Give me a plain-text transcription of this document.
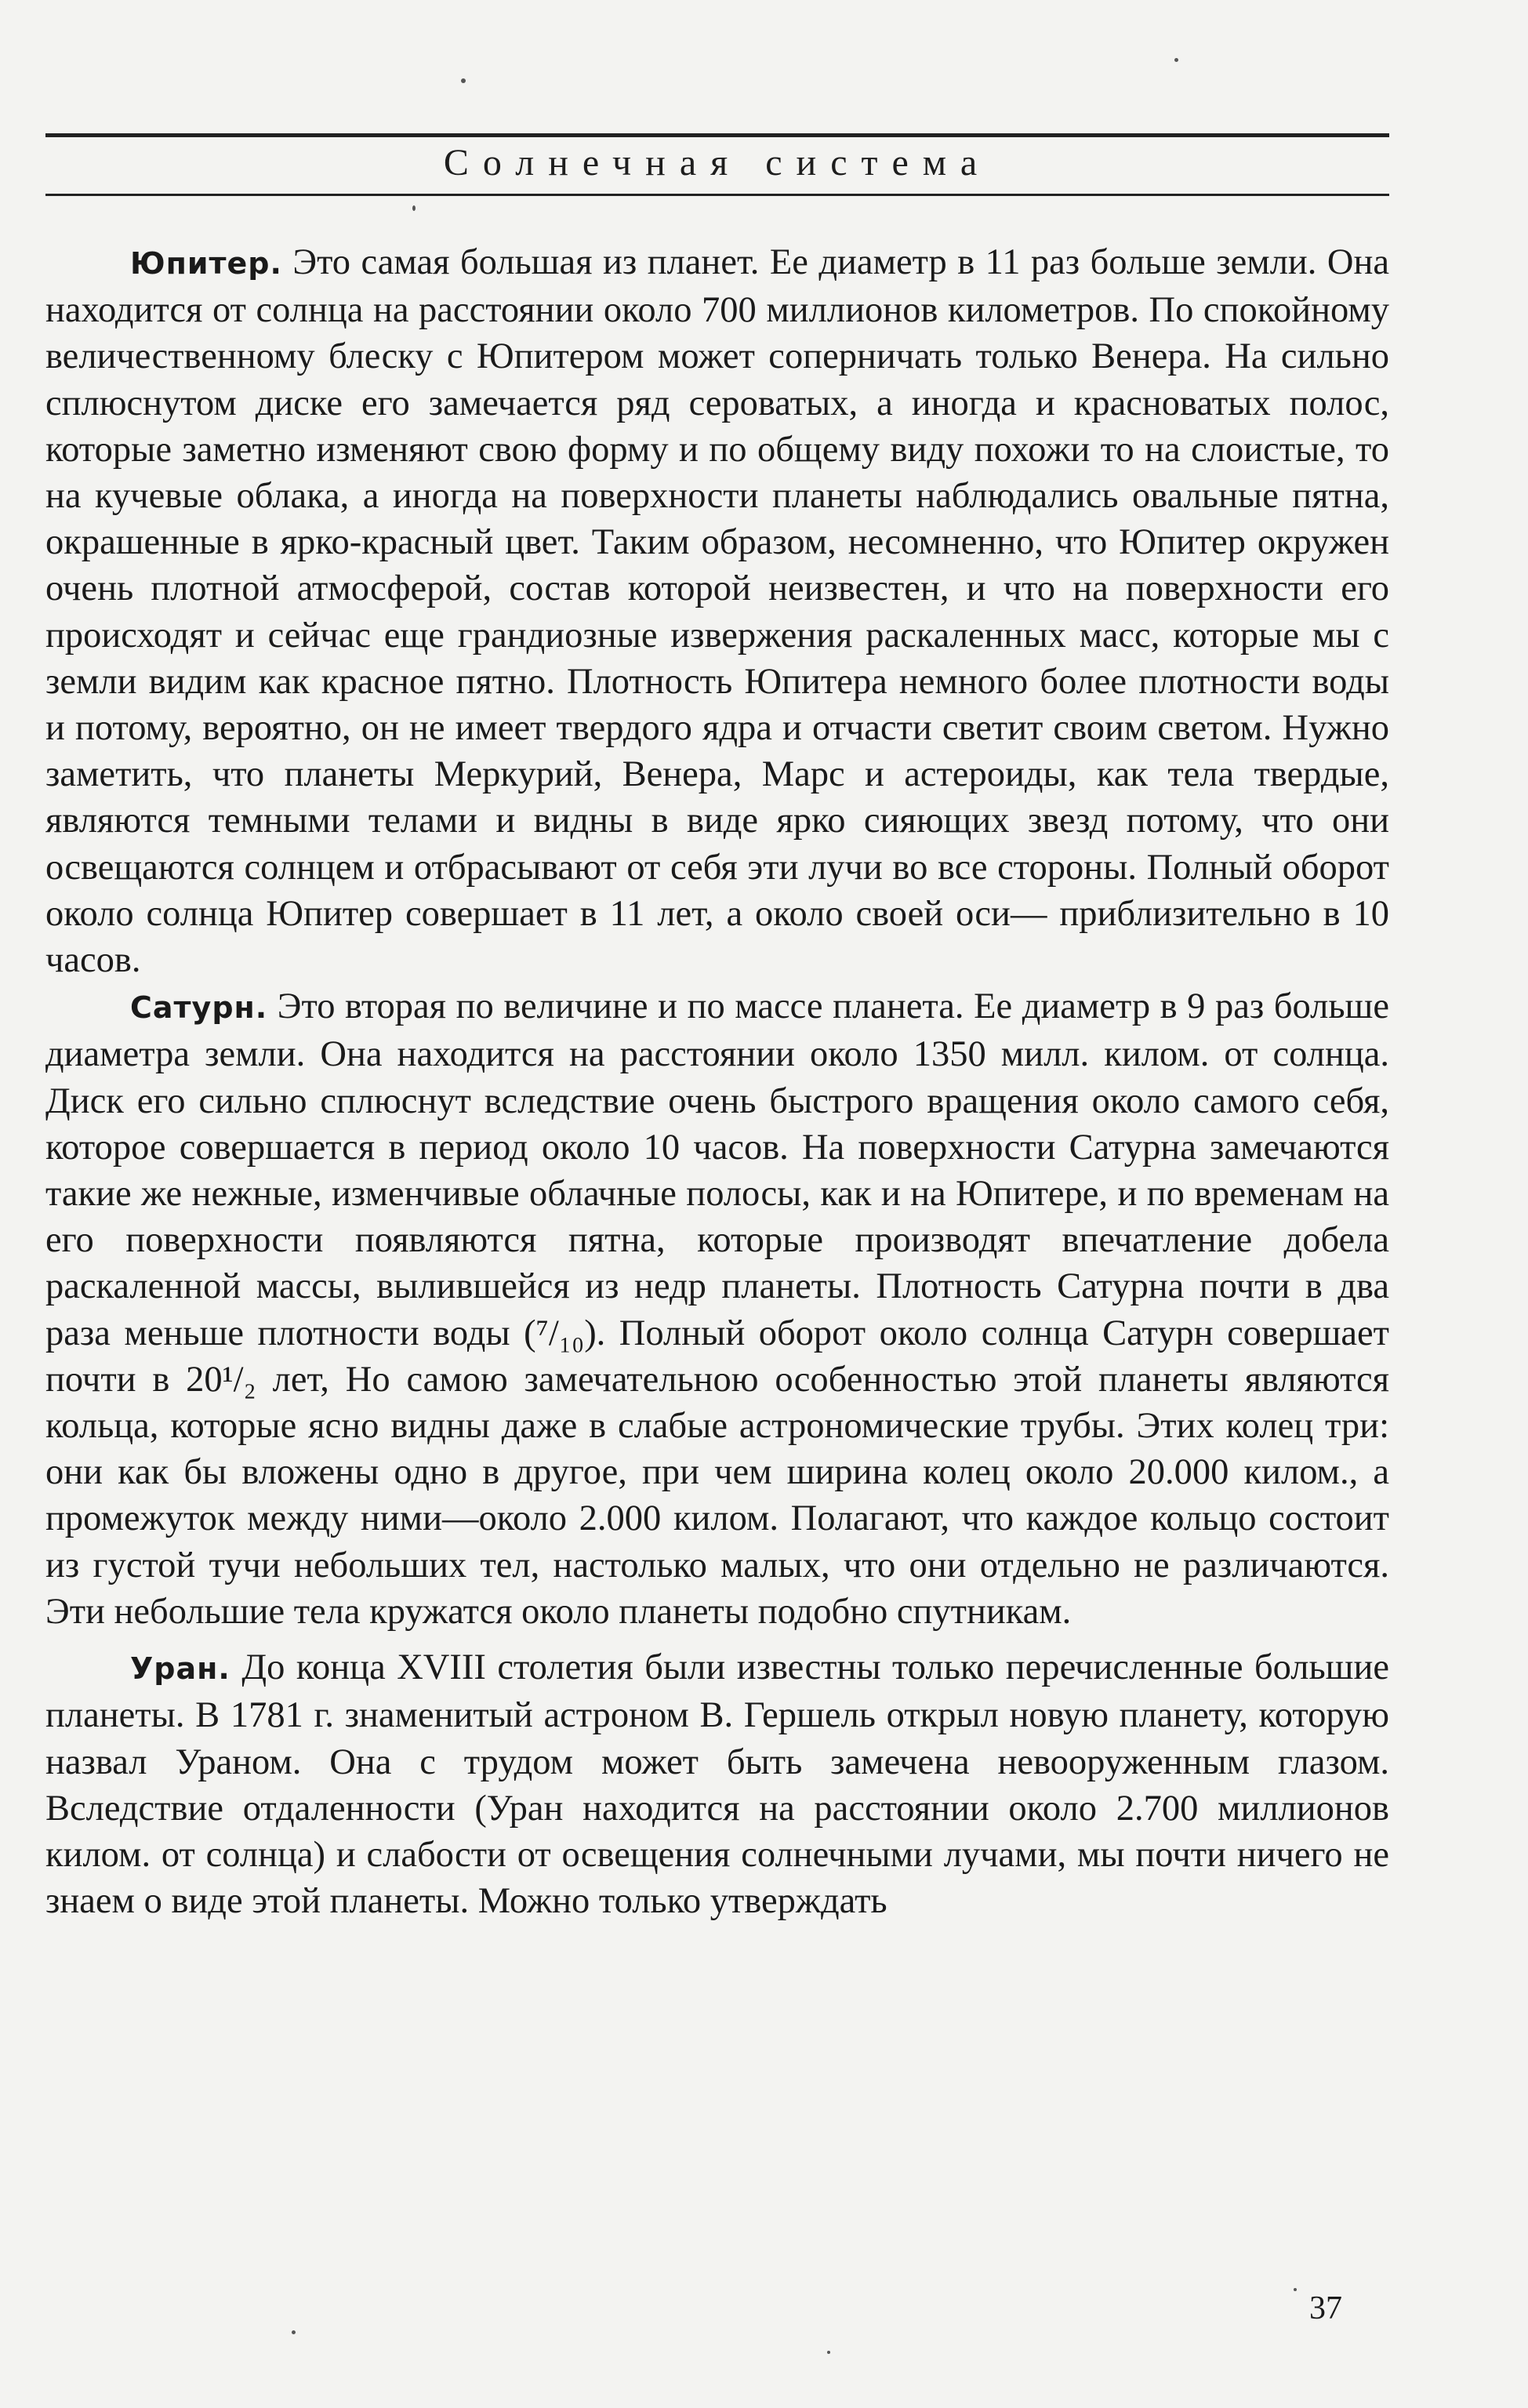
Солнечная система

Юпитер. Это самая большая из планет. Ее диаметр в 11 раз больше земли. Она находится от солнца на расстоянии около 700 миллионов километров. По спокойному величественному блеску с Юпитером может соперничать только Венера. На сильно сплюснутом диске его замечается ряд сероватых, а иногда и красноватых полос, которые заметно изменяют свою форму и по общему виду похожи то на слоистые, то на кучевые облака, а иногда на поверхности планеты наблюдались овальные пятна, окрашенные в ярко-красный цвет. Таким образом, несомненно, что Юпитер окружен очень плотной атмосферой, состав которой неизвестен, и что на поверхности его происходят и сейчас еще грандиозные извержения раскаленных масс, которые мы с земли видим как красное пятно. Плотность Юпитера немного более плотности воды и потому, вероятно, он не имеет твердого ядра и отчасти светит своим светом. Нужно заметить, что планеты Меркурий, Венера, Марс и астероиды, как тела твердые, являются темными телами и видны в виде ярко сияющих звезд потому, что они освещаются солнцем и отбрасывают от себя эти лучи во все стороны. Полный оборот около солнца Юпитер совершает в 11 лет, а около своей оси— приблизительно в 10 часов.

Сатурн. Это вторая по величине и по массе планета. Ее диаметр в 9 раз больше диаметра земли. Она находится на расстоянии около 1350 милл. килом. от солнца. Диск его сильно сплюснут вследствие очень быстрого вращения около самого себя, которое совершается в период около 10 часов. На поверхности Сатурна замечаются такие же нежные, изменчивые облачные полосы, как и на Юпитере, и по временам на его поверхности появляются пятна, которые производят впечатление добела раскаленной массы, вылившейся из недр планеты. Плотность Сатурна почти в два раза меньше плотности воды (⁷/₁₀). Полный оборот около солнца Сатурн совершает почти в 20¹/₂ лет, Но самою замечательною особенностью этой планеты являются кольца, которые ясно видны даже в слабые астрономические трубы. Этих колец три: они как бы вложены одно в другое, при чем ширина колец около 20.000 килом., а промежуток между ними—около 2.000 килом. Полагают, что каждое кольцо состоит из густой тучи небольших тел, настолько малых, что они отдельно не различаются. Эти небольшие тела кружатся около планеты подобно спутникам.

Уран. До конца XVIII столетия были известны только перечисленные большие планеты. В 1781 г. знаменитый астроном В. Гершель открыл новую планету, которую назвал Ураном. Она с трудом может быть замечена невооруженным глазом. Вследствие отдаленности (Уран находится на расстоянии около 2.700 миллионов килом. от солнца) и слабости от освещения солнечными лучами, мы почти ничего не знаем о виде этой планеты. Можно только утверждать

37
